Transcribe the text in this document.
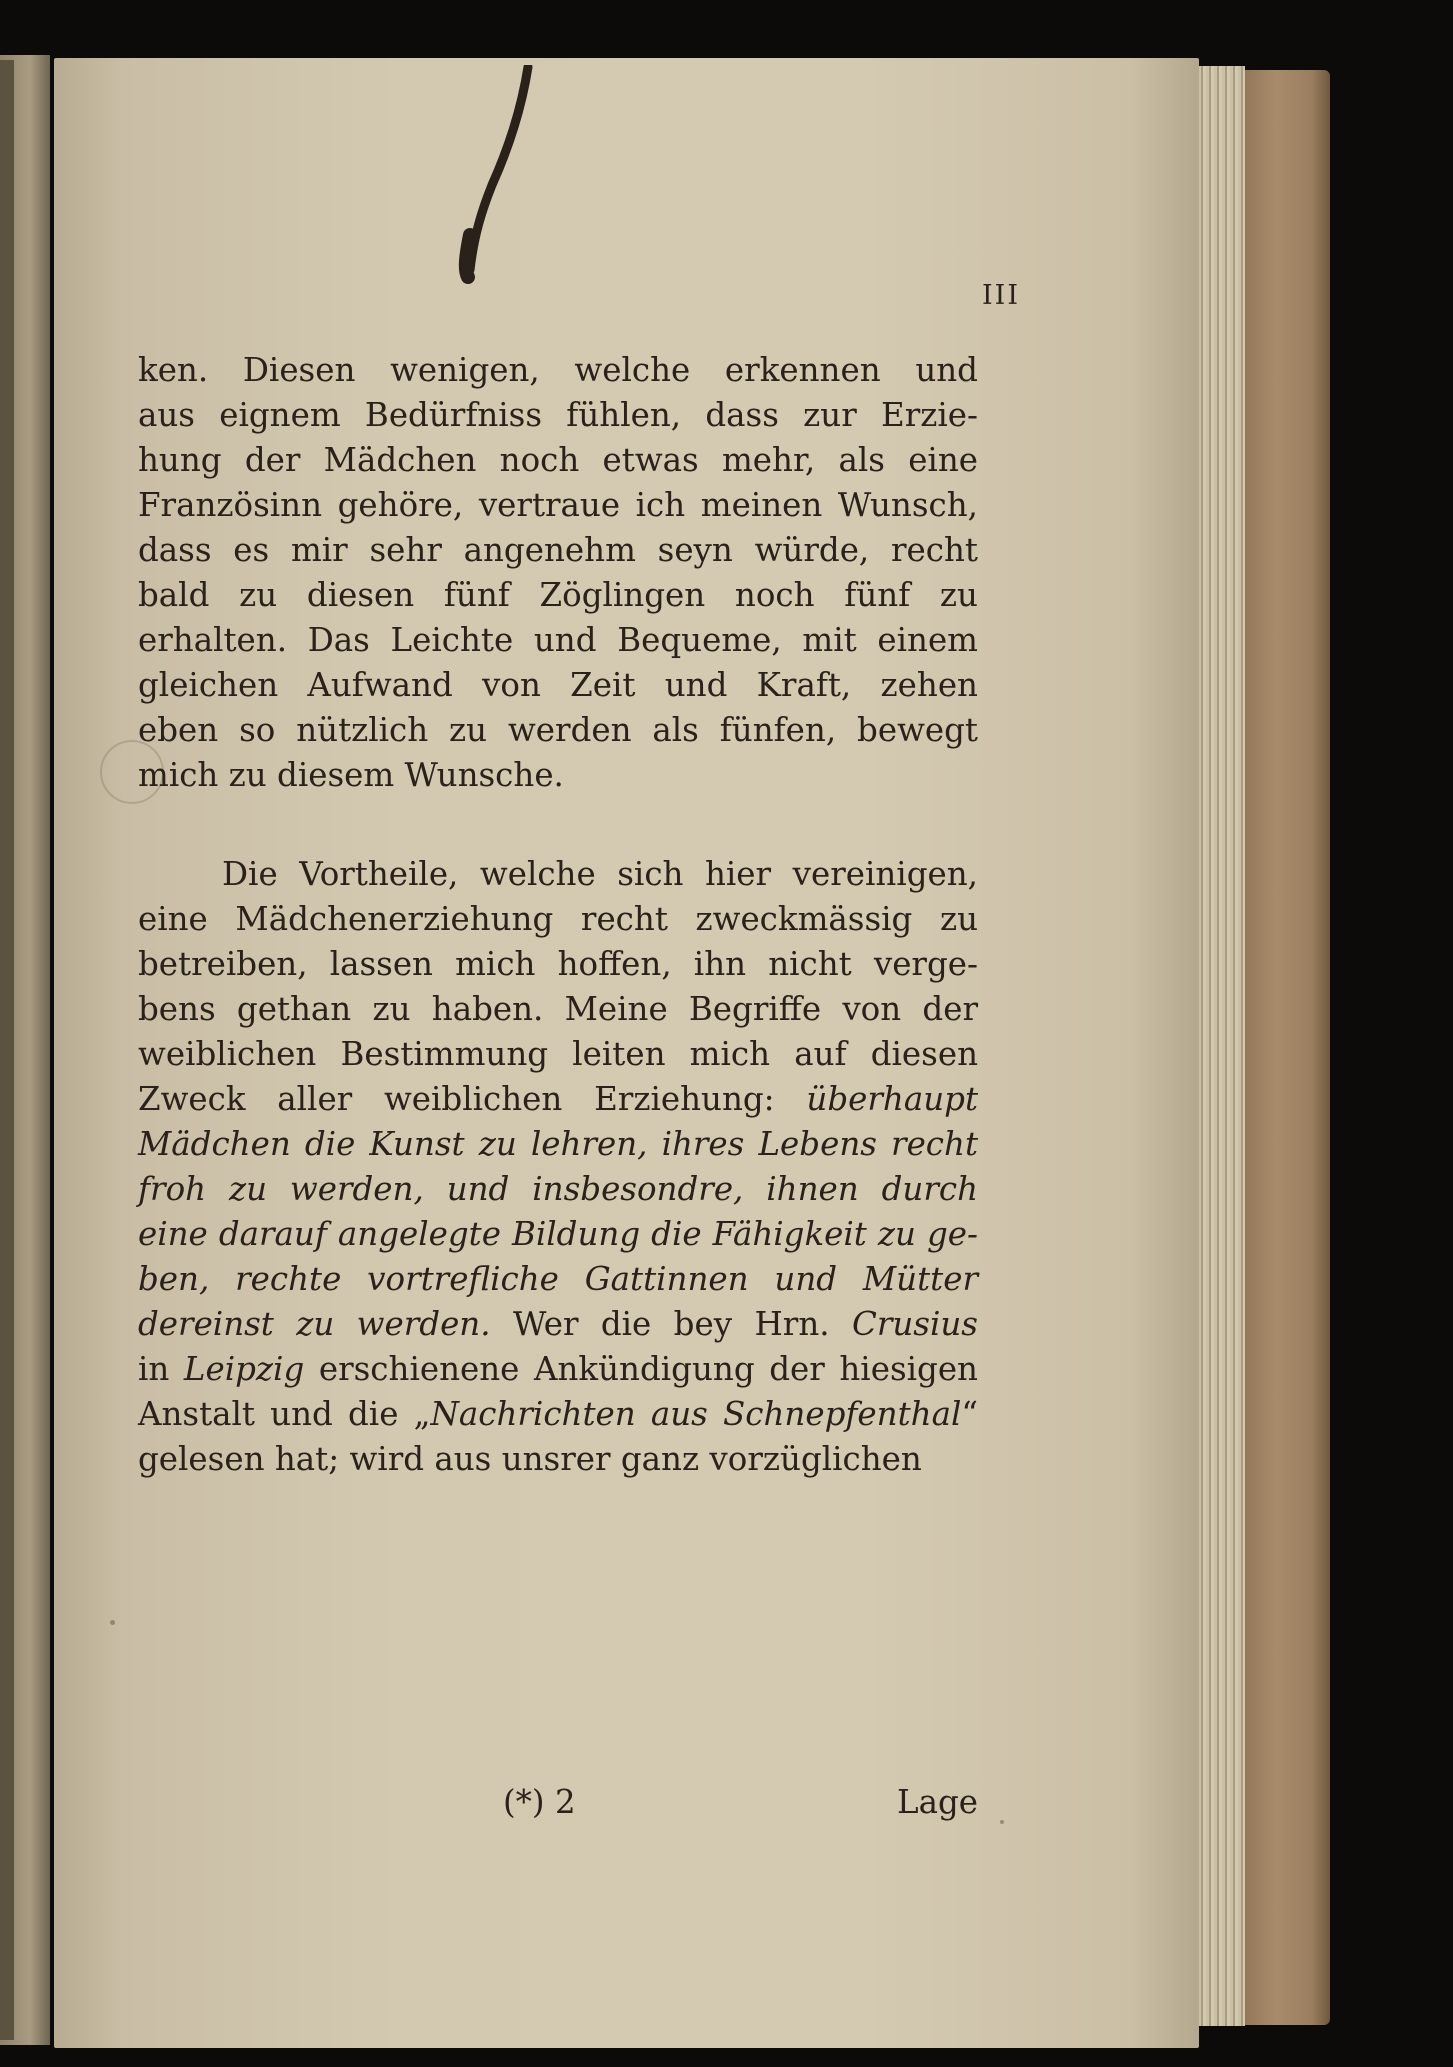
III
ken. Diesen wenigen, welche erkennen und
aus eignem Bedürfniss fühlen, dass zur Erzie-
hung der Mädchen noch etwas mehr, als eine
Französinn gehöre, vertraue ich meinen Wunsch,
dass es mir sehr angenehm seyn würde, recht
bald zu diesen fünf Zöglingen noch fünf zu
erhalten. Das Leichte und Bequeme, mit einem
gleichen Aufwand von Zeit und Kraft, zehen
eben so nützlich zu werden als fünfen, bewegt
mich zu diesem Wunsche.
Die Vortheile, welche sich hier vereinigen,
eine Mädchenerziehung recht zweckmässig zu
betreiben, lassen mich hoffen, ihn nicht verge-
bens gethan zu haben. Meine Begriffe von der
weiblichen Bestimmung leiten mich auf diesen
Zweck aller weiblichen Erziehung: überhaupt
Mädchen die Kunst zu lehren, ihres Lebens recht
froh zu werden, und insbesondre, ihnen durch
eine darauf angelegte Bildung die Fähigkeit zu ge-
ben, rechte vortrefliche Gattinnen und Mütter
dereinst zu werden. Wer die bey Hrn. Crusius
in Leipzig erschienene Ankündigung der hiesigen
Anstalt und die „Nachrichten aus Schnepfenthal“
gelesen hat; wird aus unsrer ganz vorzüglichen
(*) 2	Lage
